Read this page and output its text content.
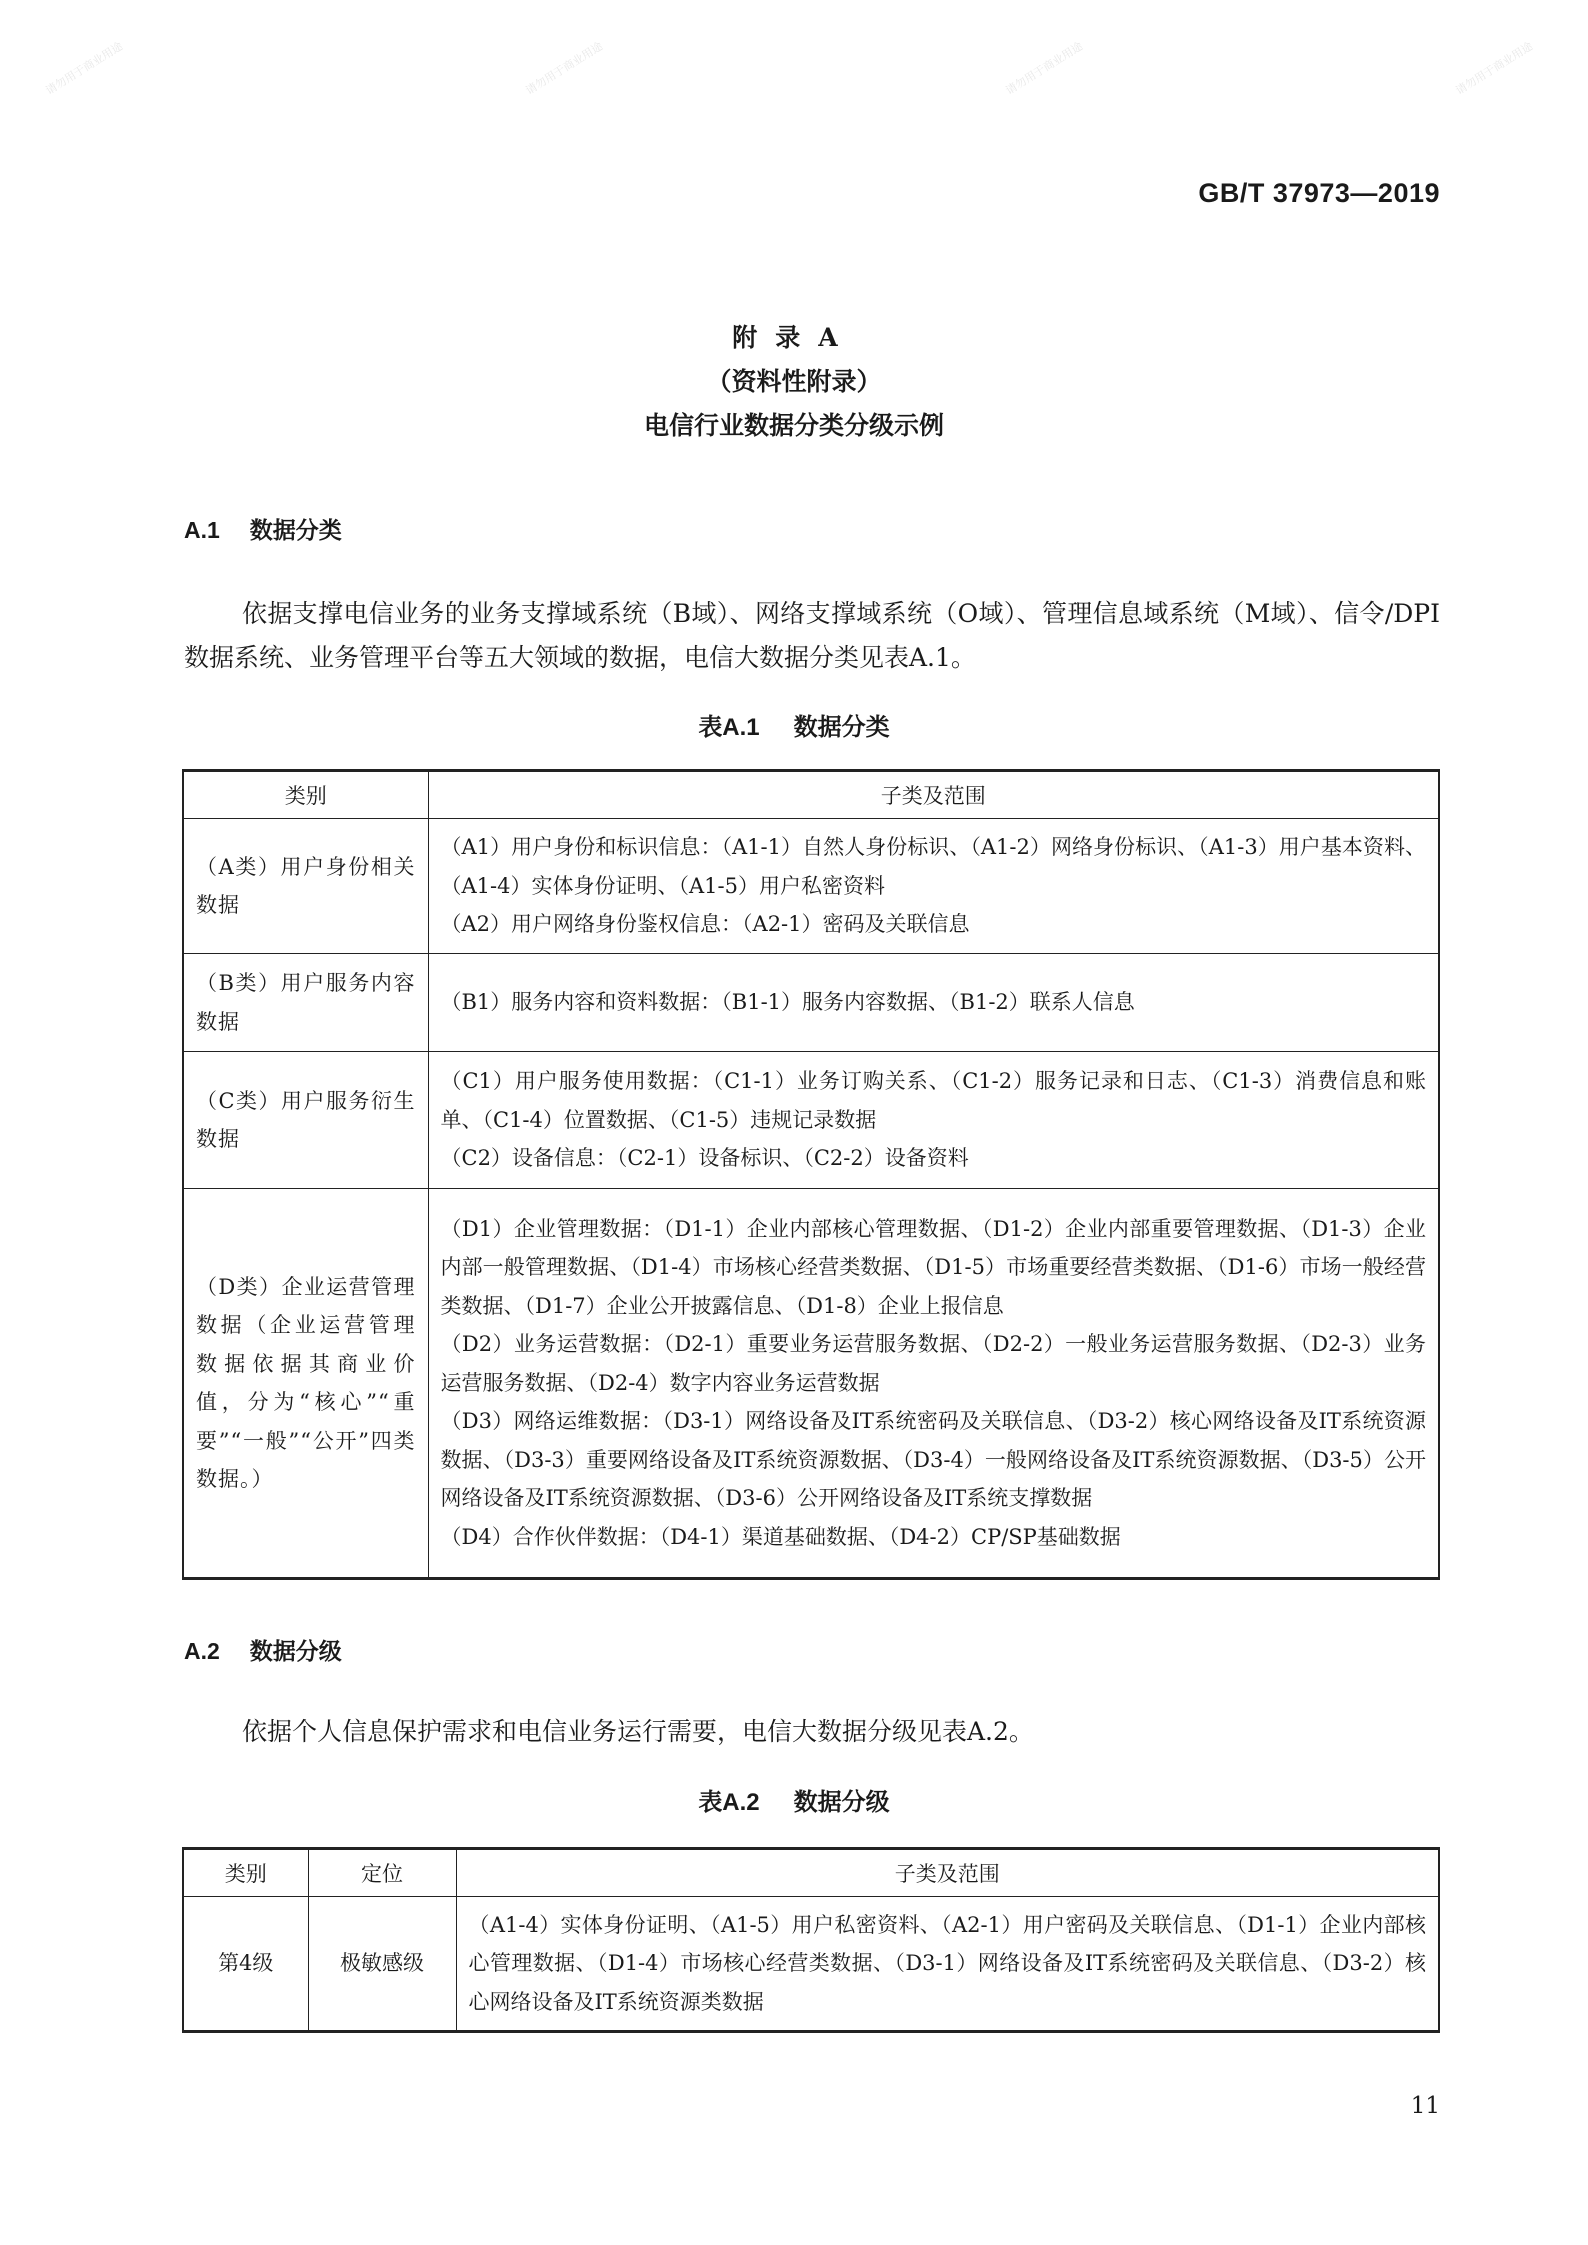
请勿用于商业用途	请勿用于商业用途	请勿用于商业用途	请勿用于商业用途
GB/T 37973—2019
附录A
（资料性附录）
电信行业数据分类分级示例
A.1 数据分类
依据支撑电信业务的业务支撑域系统（B域）、网络支撑域系统（O域）、管理信息域系统（M域）、信令/DPI数据系统、业务管理平台等五大领域的数据，电信大数据分类见表A.1。
表A.1 数据分类
类别	子类及范围
（A类）用户身份相关数据	（A1）用户身份和标识信息：（A1-1）自然人身份标识、（A1-2）网络身份标识、（A1-3）用户基本资料、（A1-4）实体身份证明、（A1-5）用户私密资料
（A2）用户网络身份鉴权信息：（A2-1）密码及关联信息

（B类）用户服务内容数据	（B1）服务内容和资料数据：（B1-1）服务内容数据、（B1-2）联系人信息

（C类）用户服务衍生数据	（C1）用户服务使用数据：（C1-1）业务订购关系、（C1-2）服务记录和日志、（C1-3）消费信息和账单、（C1-4）位置数据、（C1-5）违规记录数据
（C2）设备信息：（C2-1）设备标识、（C2-2）设备资料

（D类）企业运营管理数据（企业运营管理数据依据其商业价值，分为“核心”“重要”“一般”“公开”四类数据。）	（D1）企业管理数据：（D1-1）企业内部核心管理数据、（D1-2）企业内部重要管理数据、（D1-3）企业内部一般管理数据、（D1-4）市场核心经营类数据、（D1-5）市场重要经营类数据、（D1-6）市场一般经营类数据、（D1-7）企业公开披露信息、（D1-8）企业上报信息
（D2）业务运营数据：（D2-1）重要业务运营服务数据、（D2-2）一般业务运营服务数据、（D2-3）业务运营服务数据、（D2-4）数字内容业务运营数据
（D3）网络运维数据：（D3-1）网络设备及IT系统密码及关联信息、（D3-2）核心网络设备及IT系统资源数据、（D3-3）重要网络设备及IT系统资源数据、（D3-4）一般网络设备及IT系统资源数据、（D3-5）公开网络设备及IT系统资源数据、（D3-6）公开网络设备及IT系统支撑数据
（D4）合作伙伴数据：（D4-1）渠道基础数据、（D4-2）CP/SP基础数据
A.2 数据分级
依据个人信息保护需求和电信业务运行需要，电信大数据分级见表A.2。
表A.2 数据分级
类别	定位	子类及范围
第4级	极敏感级	（A1-4）实体身份证明、（A1-5）用户私密资料、（A2-1）用户密码及关联信息、（D1-1）企业内部核心管理数据、（D1-4）市场核心经营类数据、（D3-1）网络设备及IT系统密码及关联信息、（D3-2）核心网络设备及IT系统资源类数据
11
